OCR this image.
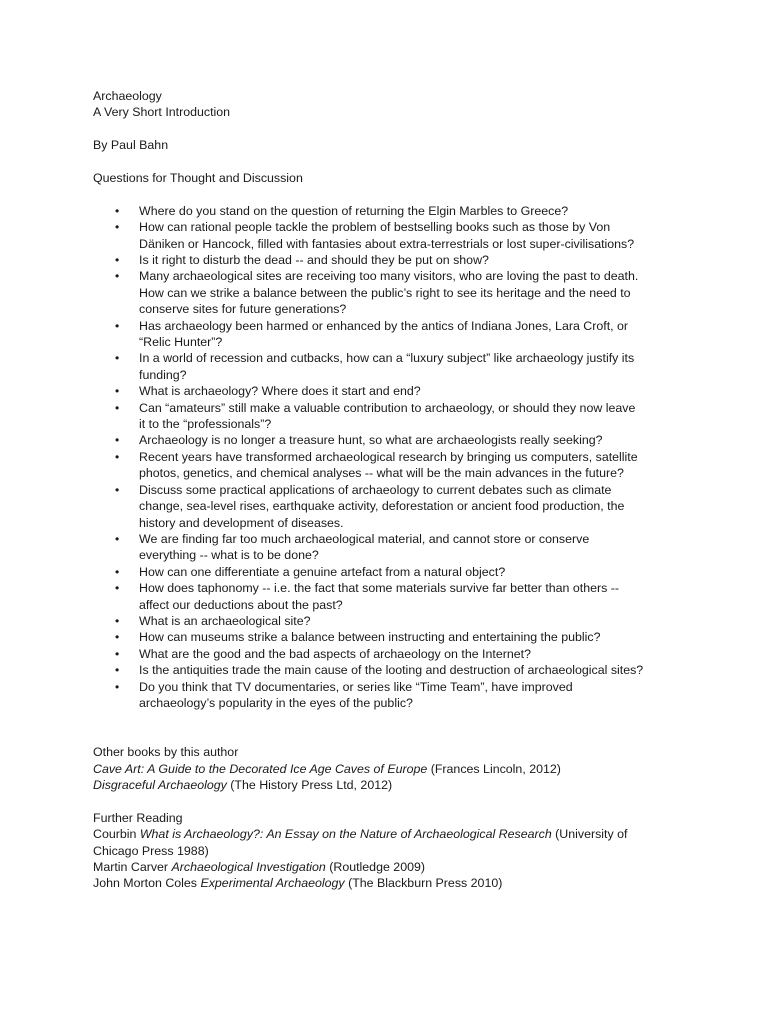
Archaeology
A Very Short Introduction
By Paul Bahn
Questions for Thought and Discussion
• Where do you stand on the question of returning the Elgin Marbles to Greece?
• How can rational people tackle the problem of bestselling books such as those by Von
Däniken or Hancock, filled with fantasies about extra-terrestrials or lost super-civilisations?
• Is it right to disturb the dead -- and should they be put on show?
• Many archaeological sites are receiving too many visitors, who are loving the past to death.
How can we strike a balance between the public’s right to see its heritage and the need to
conserve sites for future generations?
• Has archaeology been harmed or enhanced by the antics of Indiana Jones, Lara Croft, or
“Relic Hunter”?
• In a world of recession and cutbacks, how can a “luxury subject” like archaeology justify its
funding?
• What is archaeology? Where does it start and end?
• Can “amateurs” still make a valuable contribution to archaeology, or should they now leave
it to the “professionals”?
• Archaeology is no longer a treasure hunt, so what are archaeologists really seeking?
• Recent years have transformed archaeological research by bringing us computers, satellite
photos, genetics, and chemical analyses -- what will be the main advances in the future?
• Discuss some practical applications of archaeology to current debates such as climate
change, sea-level rises, earthquake activity, deforestation or ancient food production, the
history and development of diseases.
• We are finding far too much archaeological material, and cannot store or conserve
everything -- what is to be done?
• How can one differentiate a genuine artefact from a natural object?
• How does taphonomy -- i.e. the fact that some materials survive far better than others --
affect our deductions about the past?
• What is an archaeological site?
• How can museums strike a balance between instructing and entertaining the public?
• What are the good and the bad aspects of archaeology on the Internet?
• Is the antiquities trade the main cause of the looting and destruction of archaeological sites?
• Do you think that TV documentaries, or series like “Time Team”, have improved
archaeology’s popularity in the eyes of the public?
Other books by this author
Cave Art: A Guide to the Decorated Ice Age Caves of Europe (Frances Lincoln, 2012)
Disgraceful Archaeology (The History Press Ltd, 2012)
Further Reading
Courbin What is Archaeology?: An Essay on the Nature of Archaeological Research (University of
Chicago Press 1988)
Martin Carver Archaeological Investigation (Routledge 2009)
John Morton Coles Experimental Archaeology (The Blackburn Press 2010)
